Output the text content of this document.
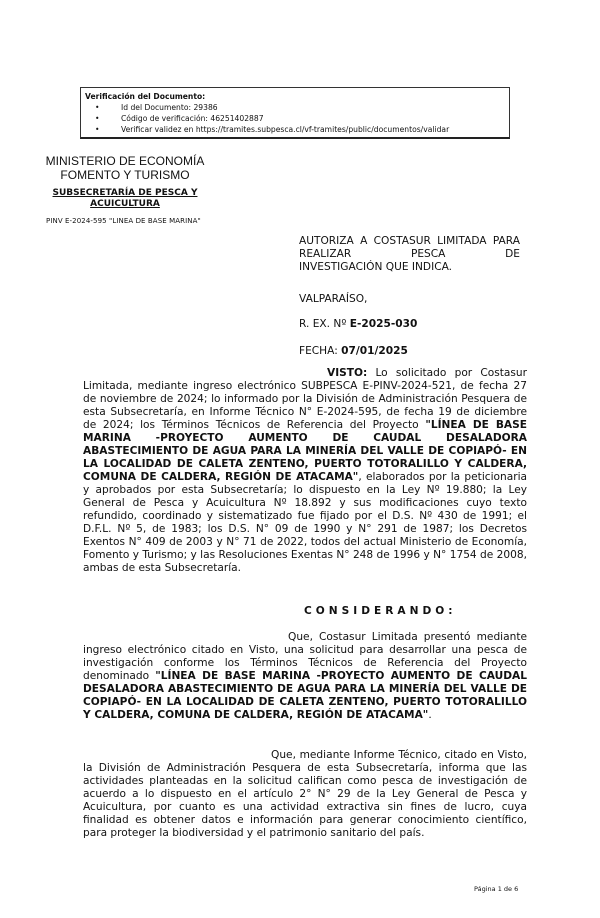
Verificación del Documento:
• Id del Documento: 29386
• Código de verificación: 46251402887
• Verificar validez en https://tramites.subpesca.cl/vf-tramites/public/documentos/validar
MINISTERIO DE ECONOMÍA
FOMENTO Y TURISMO
SUBSECRETARÍA DE PESCA Y
ACUICULTURA
PINV E-2024-595 "LINEA DE BASE MARINA"
AUTORIZA A COSTASUR LIMITADA PARA REALIZAR PESCA DE
INVESTIGACIÓN QUE INDICA.
VALPARAÍSO,
R. EX. Nº E-2025-030
FECHA: 07/01/2025
VISTO: Lo solicitado por Costasur Limitada, mediante ingreso electrónico SUBPESCA E-PINV-2024-521, de fecha 27 de noviembre de 2024; lo informado por la División de Administración Pesquera de esta Subsecretaría, en Informe Técnico N° E-2024-595, de fecha 19 de diciembre de 2024; los Términos Técnicos de Referencia del Proyecto "LÍNEA DE BASE MARINA -PROYECTO AUMENTO DE CAUDAL DESALADORA ABASTECIMIENTO DE AGUA PARA LA MINERÍA DEL VALLE DE COPIAPÓ- EN LA LOCALIDAD DE CALETA ZENTENO, PUERTO TOTORALILLO Y CALDERA, COMUNA DE CALDERA, REGIÓN DE ATACAMA", elaborados por la peticionaria y aprobados por esta Subsecretaría; lo dispuesto en la Ley Nº 19.880; la Ley General de Pesca y Acuicultura Nº 18.892 y sus modificaciones cuyo texto refundido, coordinado y sistematizado fue fijado por el D.S. Nº 430 de 1991; el D.F.L. Nº 5, de 1983; los D.S. N° 09 de 1990 y N° 291 de 1987; los Decretos Exentos N° 409 de 2003 y N° 71 de 2022, todos del actual Ministerio de Economía, Fomento y Turismo; y las Resoluciones Exentas N° 248 de 1996 y N° 1754 de 2008, ambas de esta Subsecretaría.
CONSIDERANDO:
Que, Costasur Limitada presentó mediante ingreso electrónico citado en Visto, una solicitud para desarrollar una pesca de investigación conforme los Términos Técnicos de Referencia del Proyecto denominado "LÍNEA DE BASE MARINA -PROYECTO AUMENTO DE CAUDAL DESALADORA ABASTECIMIENTO DE AGUA PARA LA MINERÍA DEL VALLE DE COPIAPÓ- EN LA LOCALIDAD DE CALETA ZENTENO, PUERTO TOTORALILLO Y CALDERA, COMUNA DE CALDERA, REGIÓN DE ATACAMA".
Que, mediante Informe Técnico, citado en Visto, la División de Administración Pesquera de esta Subsecretaría, informa que las actividades planteadas en la solicitud califican como pesca de investigación de acuerdo a lo dispuesto en el artículo 2° N° 29 de la Ley General de Pesca y Acuicultura, por cuanto es una actividad extractiva sin fines de lucro, cuya finalidad es obtener datos e información para generar conocimiento científico, para proteger la biodiversidad y el patrimonio sanitario del país.
Página 1 de 6
